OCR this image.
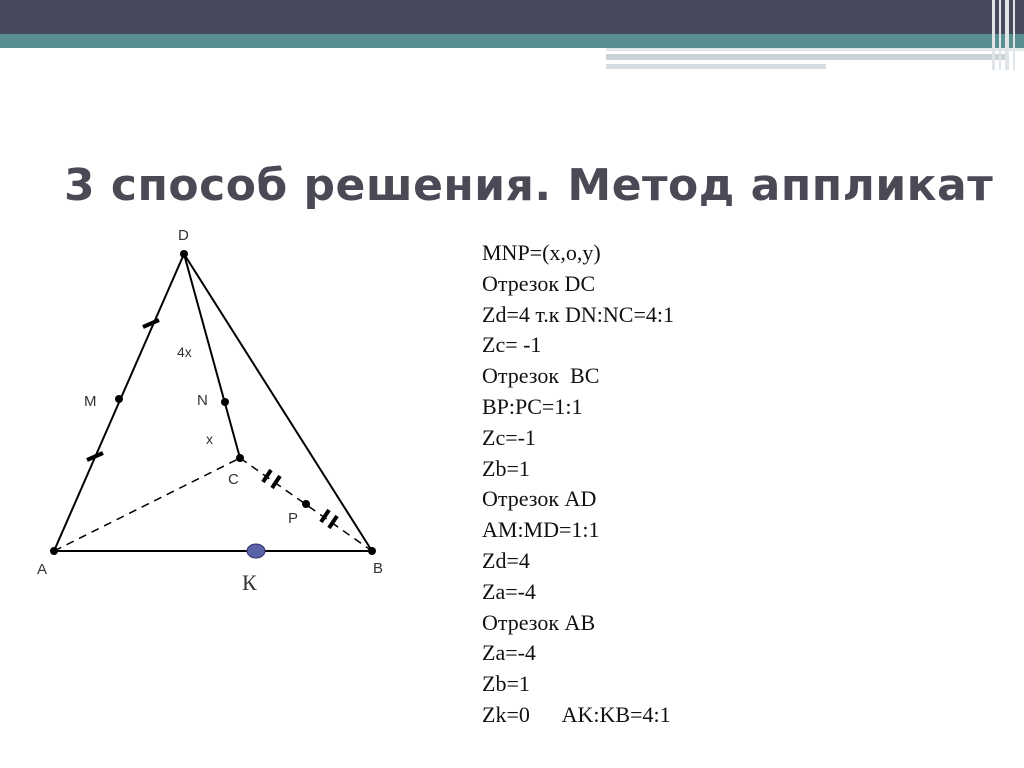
3 способ решения. Метод аппликат
D
M	N
C
P
A	B
К
4x
x
MNP=(x,o,y)
Отрезок DC
Zd=4 т.к DN:NC=4:1
Zc= -1
Отрезок  BC
BP:PC=1:1
Zc=-1
Zb=1
Отрезок AD
AM:MD=1:1
Zd=4
Za=-4
Отрезок AB
Za=-4
Zb=1
Zk=0      AK:KB=4:1
